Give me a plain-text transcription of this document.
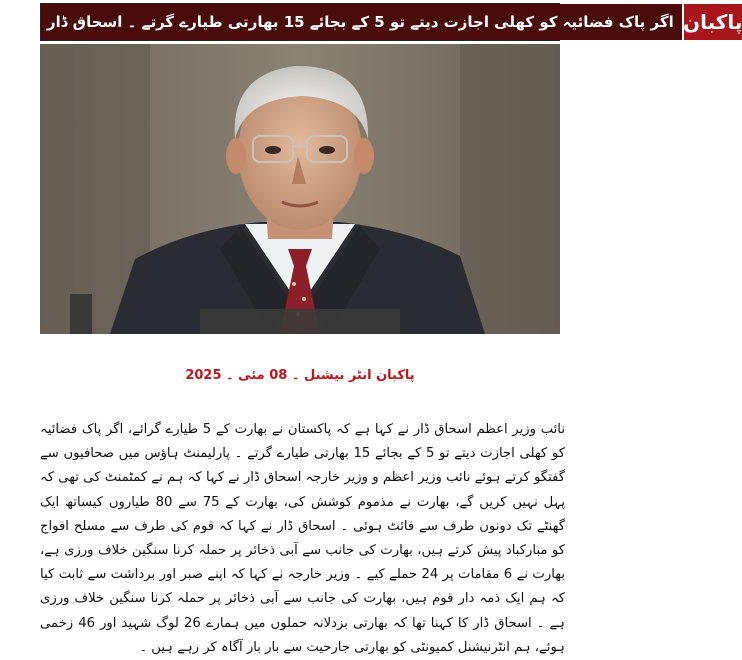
اگر پاک فضائیہ کو کھلی اجازت دیتے تو 5 کے بجائے 15 بھارتی طیارے گرتے ۔ اسحاق ڈار پاکبان
پاکبان انٹر نیشنل ۔ 08 مئی ۔ 2025

نائب وزیر اعظم اسحاق ڈار نے کہا ہے کہ پاکستان نے بھارت کے 5 طیارے گرائے، اگر پاک فضائیہ کو کھلی اجازت دیتے تو 5 کے بجائے 15 بھارتی طیارے گرتے ۔ پارلیمنٹ ہاؤس میں صحافیوں سے گفتگو کرتے ہوئے نائب وزیر اعظم و وزیر خارجہ اسحاق ڈار نے کہا کہ ہم نے کمٹمنٹ کی تھی کہ پہل نہیں کریں گے، بھارت نے مذموم کوشش کی، بھارت کے 75 سے 80 طیاروں کیساتھ ایک گھنٹے تک دونوں طرف سے فائٹ ہوئی ۔ اسحاق ڈار نے کہا کہ قوم کی طرف سے مسلح افواج کو مبارکباد پیش کرتے ہیں، بھارت کی جانب سے آبی ذخائر پر حملہ کرنا سنگین خلاف ورزی ہے، بھارت نے 6 مقامات پر 24 حملے کیے ۔ وزیر خارجہ نے کہا کہ اپنے صبر اور برداشت سے ثابت کیا کہ ہم ایک ذمہ دار قوم ہیں، بھارت کی جانب سے آبی ذخائر پر حملہ کرنا سنگین خلاف ورزی ہے ۔ اسحاق ڈار کا کہنا تھا کہ بھارتی بزدلانہ حملوں میں ہمارے 26 لوگ شہید اور 46 زخمی ہوئے، ہم انٹرنیشنل کمیونٹی کو بھارتی جارحیت سے بار بار آگاہ کر رہے ہیں ۔
